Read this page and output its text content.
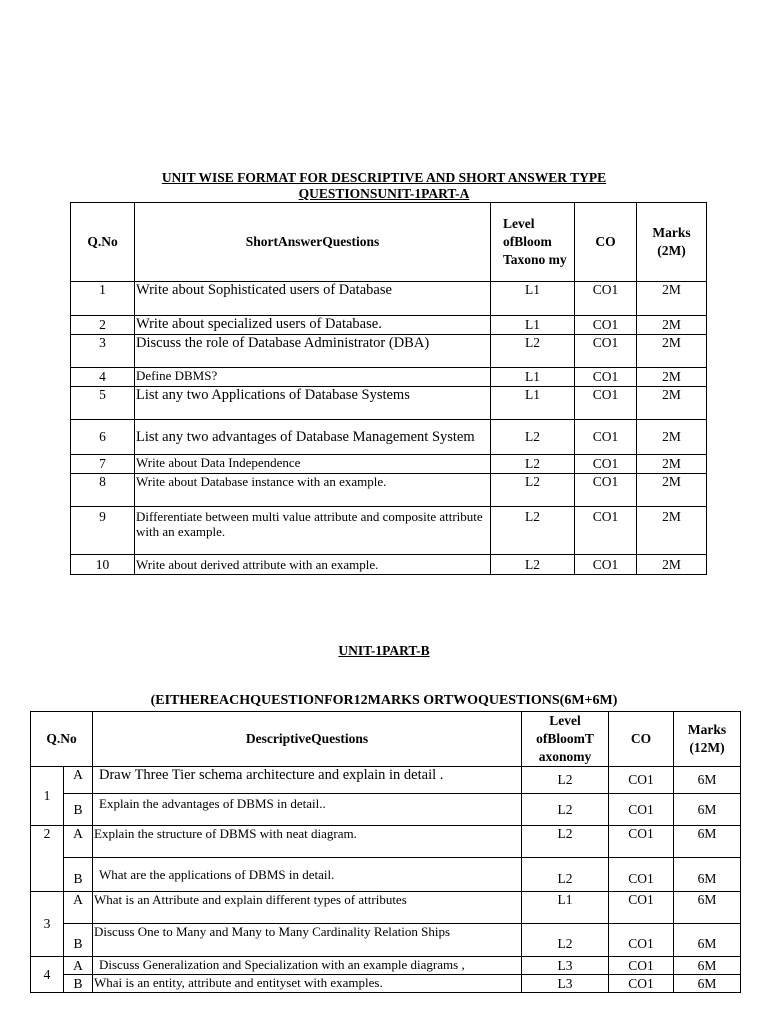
UNIT WISE FORMAT FOR DESCRIPTIVE AND SHORT ANSWER TYPE
QUESTIONSUNIT-1PART-A
Q.No	ShortAnswerQuestions	Level ofBloom Taxono my	CO	Marks (2M)
1	Write about Sophisticated users of Database	L1	CO1	2M
2	Write about specialized users of Database.	L1	CO1	2M
3	Discuss the role of Database Administrator (DBA)	L2	CO1	2M
4	Define DBMS?	L1	CO1	2M
5	List any two Applications of Database Systems	L1	CO1	2M
6	List any two advantages of Database Management System	L2	CO1	2M
7	Write about Data Independence	L2	CO1	2M
8	Write about Database instance with an example.	L2	CO1	2M
9	Differentiate between multi value attribute and composite attribute with an example.	L2	CO1	2M
10	Write about derived attribute with an example.	L2	CO1	2M
UNIT-1PART-B
(EITHEREACHQUESTIONFOR12MARKS ORTWOQUESTIONS(6M+6M)
Q.No		DescriptiveQuestions	Level ofBloomT axonomy	CO	Marks (12M)
1	A	Draw Three Tier schema architecture and explain in detail .	L2	CO1	6M
	B	Explain the advantages of DBMS in detail..	L2	CO1	6M
2	A	Explain the structure of DBMS with neat diagram.	L2	CO1	6M
	B	What are the applications of DBMS in detail.	L2	CO1	6M
3	A	What is an Attribute and explain different types of attributes	L1	CO1	6M
	B	Discuss One to Many and Many to Many Cardinality Relation Ships	L2	CO1	6M
4	A	Discuss Generalization and Specialization with an example diagrams ,	L3	CO1	6M
	B	Whai is an entity, attribute and entityset with examples.	L3	CO1	6M
